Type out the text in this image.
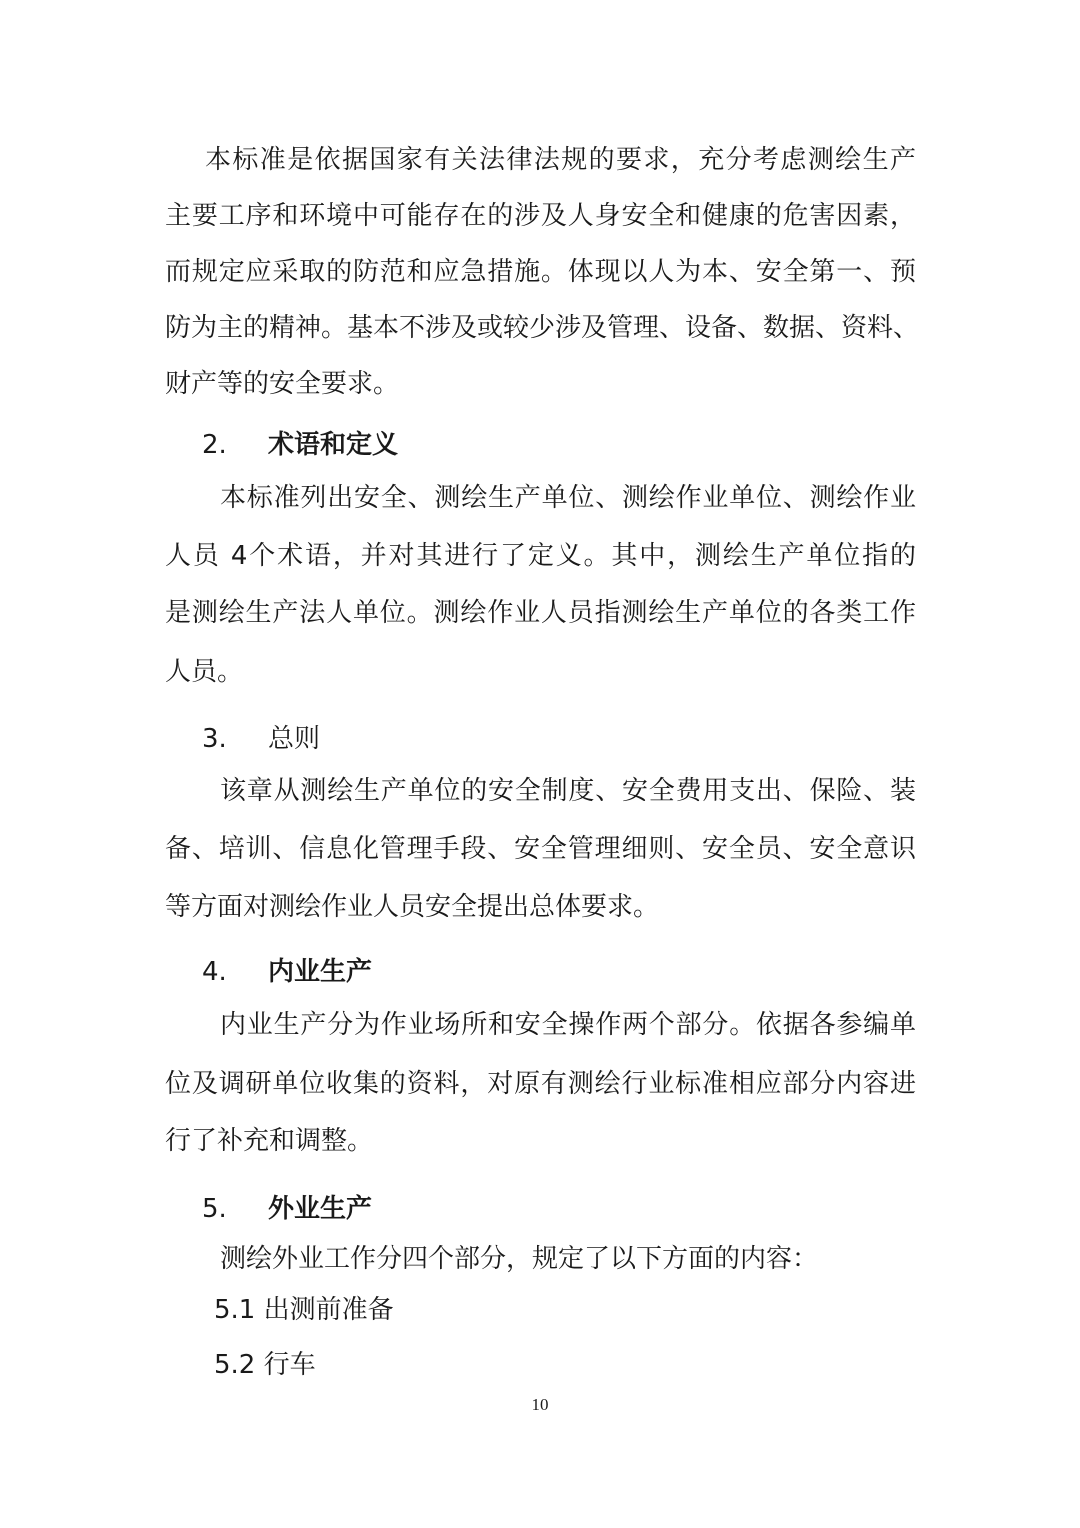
本标准是依据国家有关法律法规的要求，充分考虑测绘生产
主要工序和环境中可能存在的涉及人身安全和健康的危害因素，
而规定应采取的防范和应急措施。体现以人为本、安全第一、预
防为主的精神。基本不涉及或较少涉及管理、设备、数据、资料、
财产等的安全要求。
2. 术语和定义
本标准列出安全、测绘生产单位、测绘作业单位、测绘作业
人员 4个术语，并对其进行了定义。其中，测绘生产单位指的
是测绘生产法人单位。测绘作业人员指测绘生产单位的各类工作
人员。
3. 总则
该章从测绘生产单位的安全制度、安全费用支出、保险、装
备、培训、信息化管理手段、安全管理细则、安全员、安全意识
等方面对测绘作业人员安全提出总体要求。
4. 内业生产
内业生产分为作业场所和安全操作两个部分。依据各参编单
位及调研单位收集的资料，对原有测绘行业标准相应部分内容进
行了补充和调整。
5. 外业生产
测绘外业工作分四个部分，规定了以下方面的内容：
5.1 出测前准备
5.2 行车
10
